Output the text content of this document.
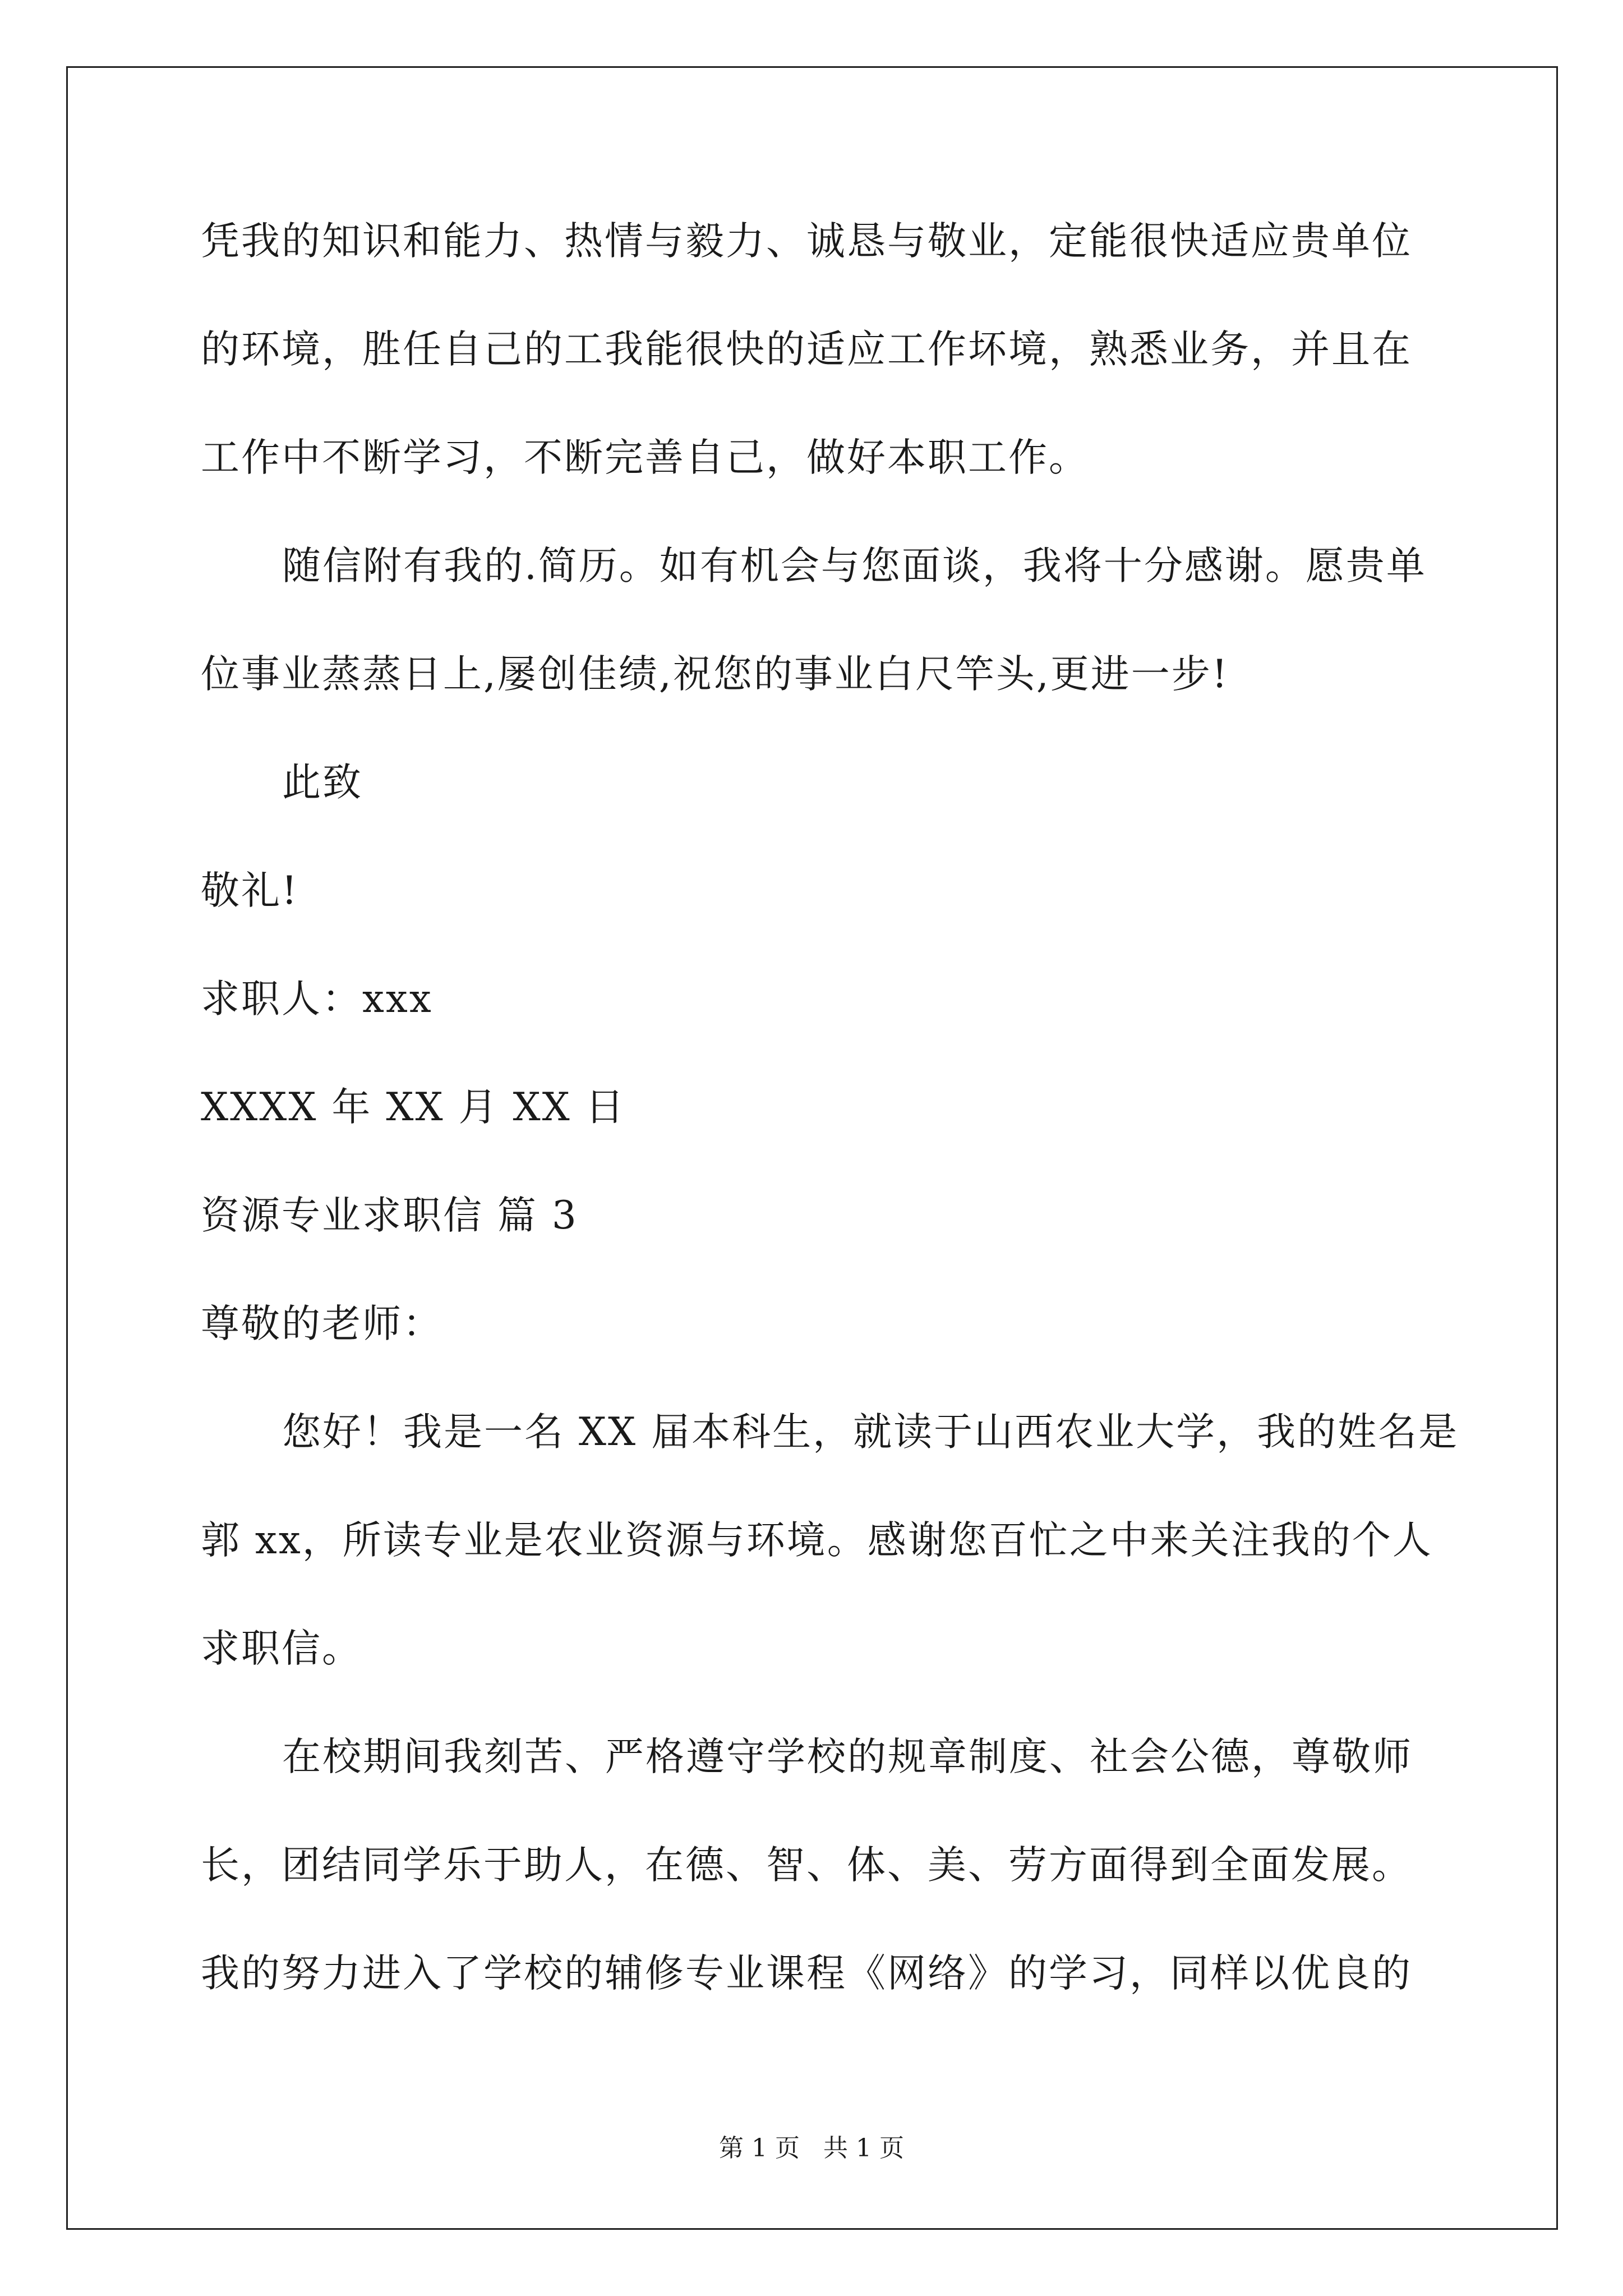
凭我的知识和能力、热情与毅力、诚恳与敬业，定能很快适应贵单位
的环境，胜任自己的工我能很快的适应工作坏境，熟悉业务，并且在
工作中不断学习，不断完善自己，做好本职工作。
随信附有我的.简历。如有机会与您面谈，我将十分感谢。愿贵单
位事业蒸蒸日上,屡创佳绩,祝您的事业白尺竿头,更进一步!
此致
敬礼!
求职人：xxx
XXXX 年 XX 月 XX 日
资源专业求职信 篇 3
尊敬的老师：
您好！我是一名 XX 届本科生，就读于山西农业大学，我的姓名是
郭 xx，所读专业是农业资源与环境。感谢您百忙之中来关注我的个人
求职信。
在校期间我刻苦、严格遵守学校的规章制度、社会公德，尊敬师
长，团结同学乐于助人，在德、智、体、美、劳方面得到全面发展。
我的努力进入了学校的辅修专业课程《网络》的学习，同样以优良的
第 1 页   共 1 页
